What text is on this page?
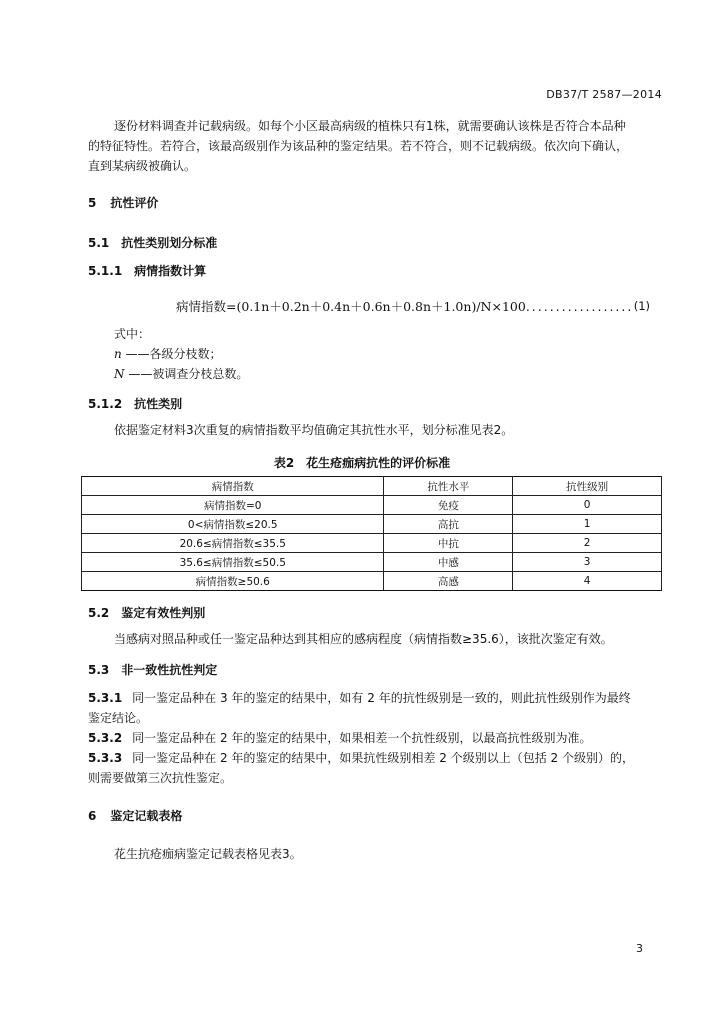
DB37/T 2587—2014
逐份材料调查并记载病级。如每个小区最高病级的植株只有1株，就需要确认该株是否符合本品种
的特征特性。若符合，该最高级别作为该品种的鉴定结果。若不符合，则不记载病级。依次向下确认，
直到某病级被确认。
5 抗性评价
5.1 抗性类别划分标准
5.1.1 病情指数计算
病情指数=(0.1n＋0.2n＋0.4n＋0.6n＋0.8n＋1.0n)/N×100.................. (1)
式中：
n ——各级分枝数；
N ——被调查分枝总数。
5.1.2 抗性类别
依据鉴定材料3次重复的病情指数平均值确定其抗性水平，划分标准见表2。
表2　花生疮痂病抗性的评价标准
病情指数	抗性水平	抗性级别
病情指数=0	免疫	0
0<病情指数≤20.5	高抗	1
20.6≤病情指数≤35.5	中抗	2
35.6≤病情指数≤50.5	中感	3
病情指数≥50.6	高感	4
5.2 鉴定有效性判别
当感病对照品种或任一鉴定品种达到其相应的感病程度（病情指数≥35.6），该批次鉴定有效。
5.3 非一致性抗性判定
5.3.1 同一鉴定品种在 3 年的鉴定的结果中，如有 2 年的抗性级别是一致的，则此抗性级别作为最终
鉴定结论。
5.3.2 同一鉴定品种在 2 年的鉴定的结果中，如果相差一个抗性级别，以最高抗性级别为准。
5.3.3 同一鉴定品种在 2 年的鉴定的结果中，如果抗性级别相差 2 个级别以上（包括 2 个级别）的，
则需要做第三次抗性鉴定。
6 鉴定记载表格
花生抗疮痂病鉴定记载表格见表3。
3
